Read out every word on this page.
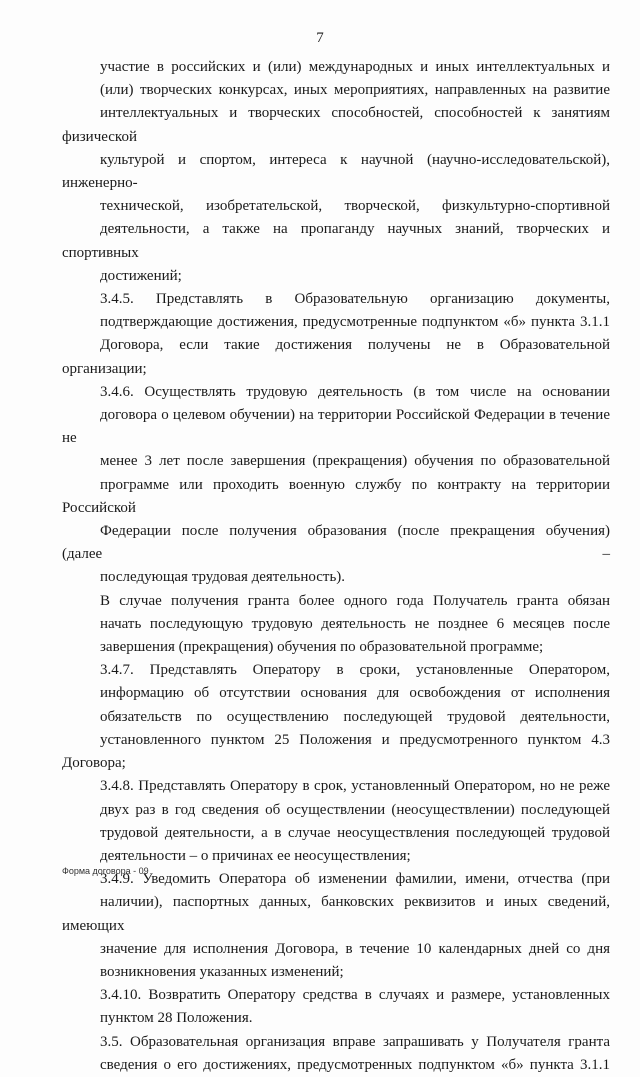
7
участие в российских и (или) международных и иных интеллектуальных и
(или) творческих конкурсах, иных мероприятиях, направленных на развитие
интеллектуальных и творческих способностей, способностей к занятиям физической
культурой и спортом, интереса к научной (научно-исследовательской), инженерно-
технической, изобретательской, творческой, физкультурно-спортивной
деятельности, а также на пропаганду научных знаний, творческих и спортивных
достижений;
3.4.5. Представлять в Образовательную организацию документы,
подтверждающие достижения, предусмотренные подпунктом «б» пункта 3.1.1
Договора, если такие достижения получены не в Образовательной организации;
3.4.6. Осуществлять трудовую деятельность (в том числе на основании
договора о целевом обучении) на территории Российской Федерации в течение не
менее 3 лет после завершения (прекращения) обучения по образовательной
программе или проходить военную службу по контракту на территории Российской
Федерации после получения образования (после прекращения обучения) (далее –
последующая трудовая деятельность).
В случае получения гранта более одного года Получатель гранта обязан
начать последующую трудовую деятельность не позднее 6 месяцев после
завершения (прекращения) обучения по образовательной программе;
3.4.7. Представлять Оператору в сроки, установленные Оператором,
информацию об отсутствии основания для освобождения от исполнения
обязательств по осуществлению последующей трудовой деятельности,
установленного пунктом 25 Положения и предусмотренного пунктом 4.3 Договора;
3.4.8. Представлять Оператору в срок, установленный Оператором, но не реже
двух раз в год сведения об осуществлении (неосуществлении) последующей
трудовой деятельности, а в случае неосуществления последующей трудовой
деятельности – о причинах ее неосуществления;
3.4.9. Уведомить Оператора об изменении фамилии, имени, отчества (при
наличии), паспортных данных, банковских реквизитов и иных сведений, имеющих
значение для исполнения Договора, в течение 10 календарных дней со дня
возникновения указанных изменений;
3.4.10. Возвратить Оператору средства в случаях и размере, установленных
пунктом 28 Положения.
3.5. Образовательная организация вправе запрашивать у Получателя гранта
сведения о его достижениях, предусмотренных подпунктом «б» пункта 3.1.1
Форма договора - 09
